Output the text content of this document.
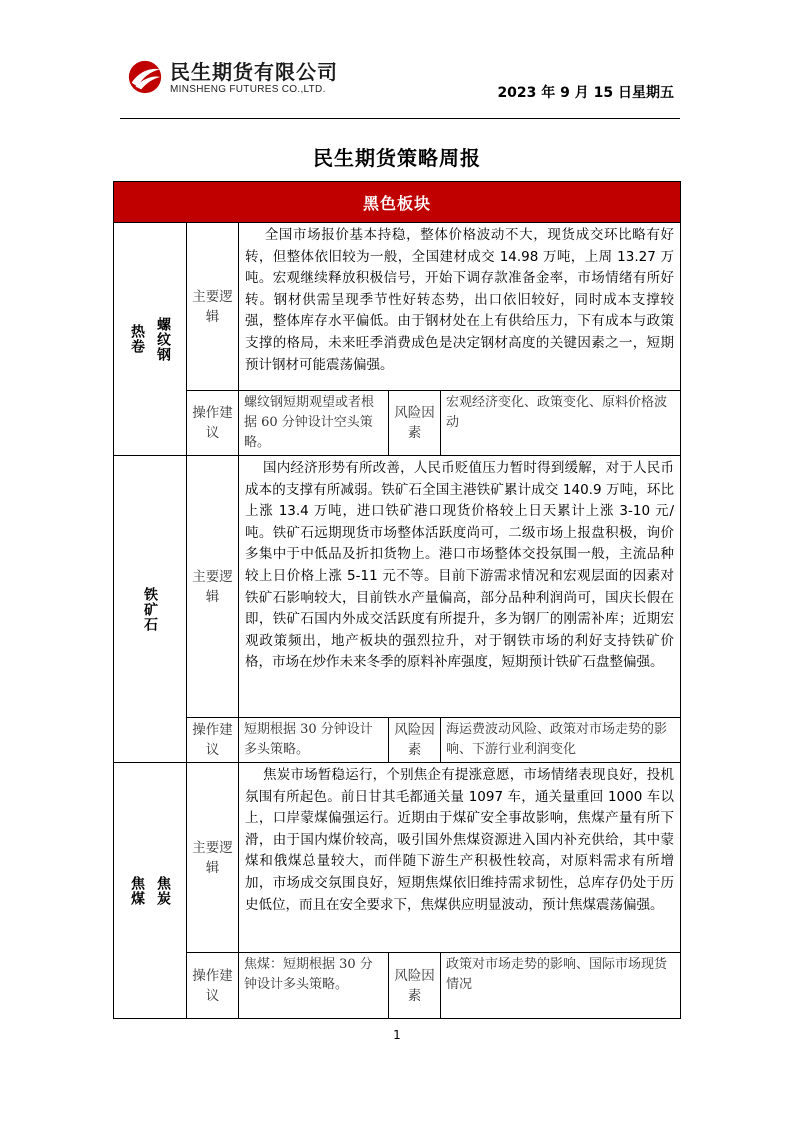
民生期货有限公司
MINSHENG FUTURES CO.,LTD.	2023 年 9 月 15 日星期五
民生期货策略周报
黑色板块				

螺纹钢
热卷	主要逻辑	全国市场报价基本持稳，整体价格波动不大，现货成交环比略有好转，但整体依旧较为一般，全国建材成交 14.98 万吨，上周 13.27 万吨。宏观继续释放积极信号，开始下调存款准备金率，市场情绪有所好转。钢材供需呈现季节性好转态势，出口依旧较好，同时成本支撑较强，整体库存水平偏低。由于钢材处在上有供给压力，下有成本与政策支撑的格局，未来旺季消费成色是决定钢材高度的关键因素之一，短期预计钢材可能震荡偏强。		
	操作建议	螺纹钢短期观望或者根据 60 分钟设计空头策略。	风险因素	宏观经济变化、政策变化、原料价格波动

铁矿石	主要逻辑	国内经济形势有所改善，人民币贬值压力暂时得到缓解，对于人民币成本的支撑有所减弱。铁矿石全国主港铁矿累计成交 140.9 万吨，环比上涨 13.4 万吨，进口铁矿港口现货价格较上日天累计上涨 3-10 元/吨。铁矿石远期现货市场整体活跃度尚可，二级市场上报盘积极，询价多集中于中低品及折扣货物上。港口市场整体交投氛围一般，主流品种较上日价格上涨 5-11 元不等。目前下游需求情况和宏观层面的因素对铁矿石影响较大，目前铁水产量偏高，部分品种利润尚可，国庆长假在即，铁矿石国内外成交活跃度有所提升，多为钢厂的刚需补库；近期宏观政策频出，地产板块的强烈拉升，对于钢铁市场的利好支持铁矿价格，市场在炒作未来冬季的原料补库强度，短期预计铁矿石盘整偏强。		
	操作建议	短期根据 30 分钟设计多头策略。	风险因素	海运费波动风险、政策对市场走势的影响、下游行业利润变化

焦炭
焦煤	主要逻辑	焦炭市场暂稳运行，个别焦企有提涨意愿，市场情绪表现良好，投机氛围有所起色。前日甘其毛都通关量 1097 车，通关量重回 1000 车以上，口岸蒙煤偏强运行。近期由于煤矿安全事故影响，焦煤产量有所下滑，由于国内煤价较高，吸引国外焦煤资源进入国内补充供给，其中蒙煤和俄煤总量较大，而伴随下游生产积极性较高，对原料需求有所增加，市场成交氛围良好，短期焦煤依旧维持需求韧性，总库存仍处于历史低位，而且在安全要求下，焦煤供应明显波动，预计焦煤震荡偏强。		
	操作建议	焦煤：短期根据 30 分钟设计多头策略。	风险因素	政策对市场走势的影响、国际市场现货情况
1
